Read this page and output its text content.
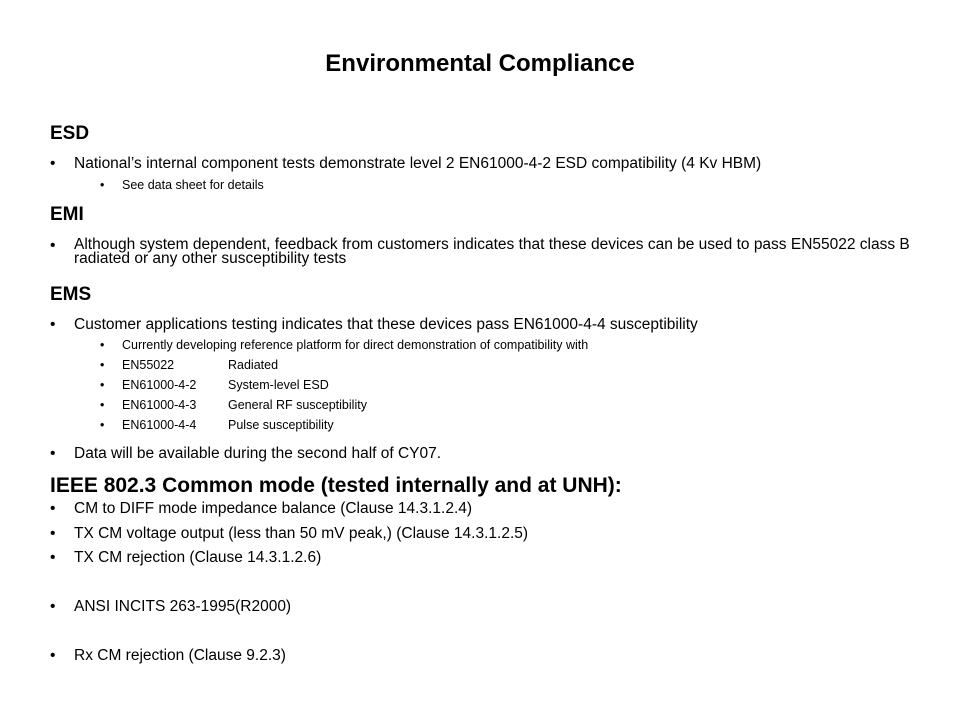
Environmental Compliance
ESD
• National’s internal component tests demonstrate level 2 EN61000-4-2 ESD compatibility (4 Kv HBM)
• See data sheet for details
EMI
• Although system dependent, feedback from customers indicates that these devices can be used to pass EN55022 class B radiated or any other susceptibility tests
EMS
• Customer applications testing indicates that these devices pass EN61000-4-4 susceptibility
• Currently developing reference platform for direct demonstration of compatibility with
• EN55022	Radiated
• EN61000-4-2	System-level ESD
• EN61000-4-3	General RF susceptibility
• EN61000-4-4	Pulse susceptibility
• Data will be available during the second half of CY07.
IEEE 802.3 Common mode (tested internally and at UNH):
• CM to DIFF mode impedance balance (Clause 14.3.1.2.4)
• TX CM voltage output (less than 50 mV peak,) (Clause 14.3.1.2.5)
• TX CM rejection (Clause 14.3.1.2.6)
• ANSI INCITS 263-1995(R2000)
• Rx CM rejection (Clause 9.2.3)
